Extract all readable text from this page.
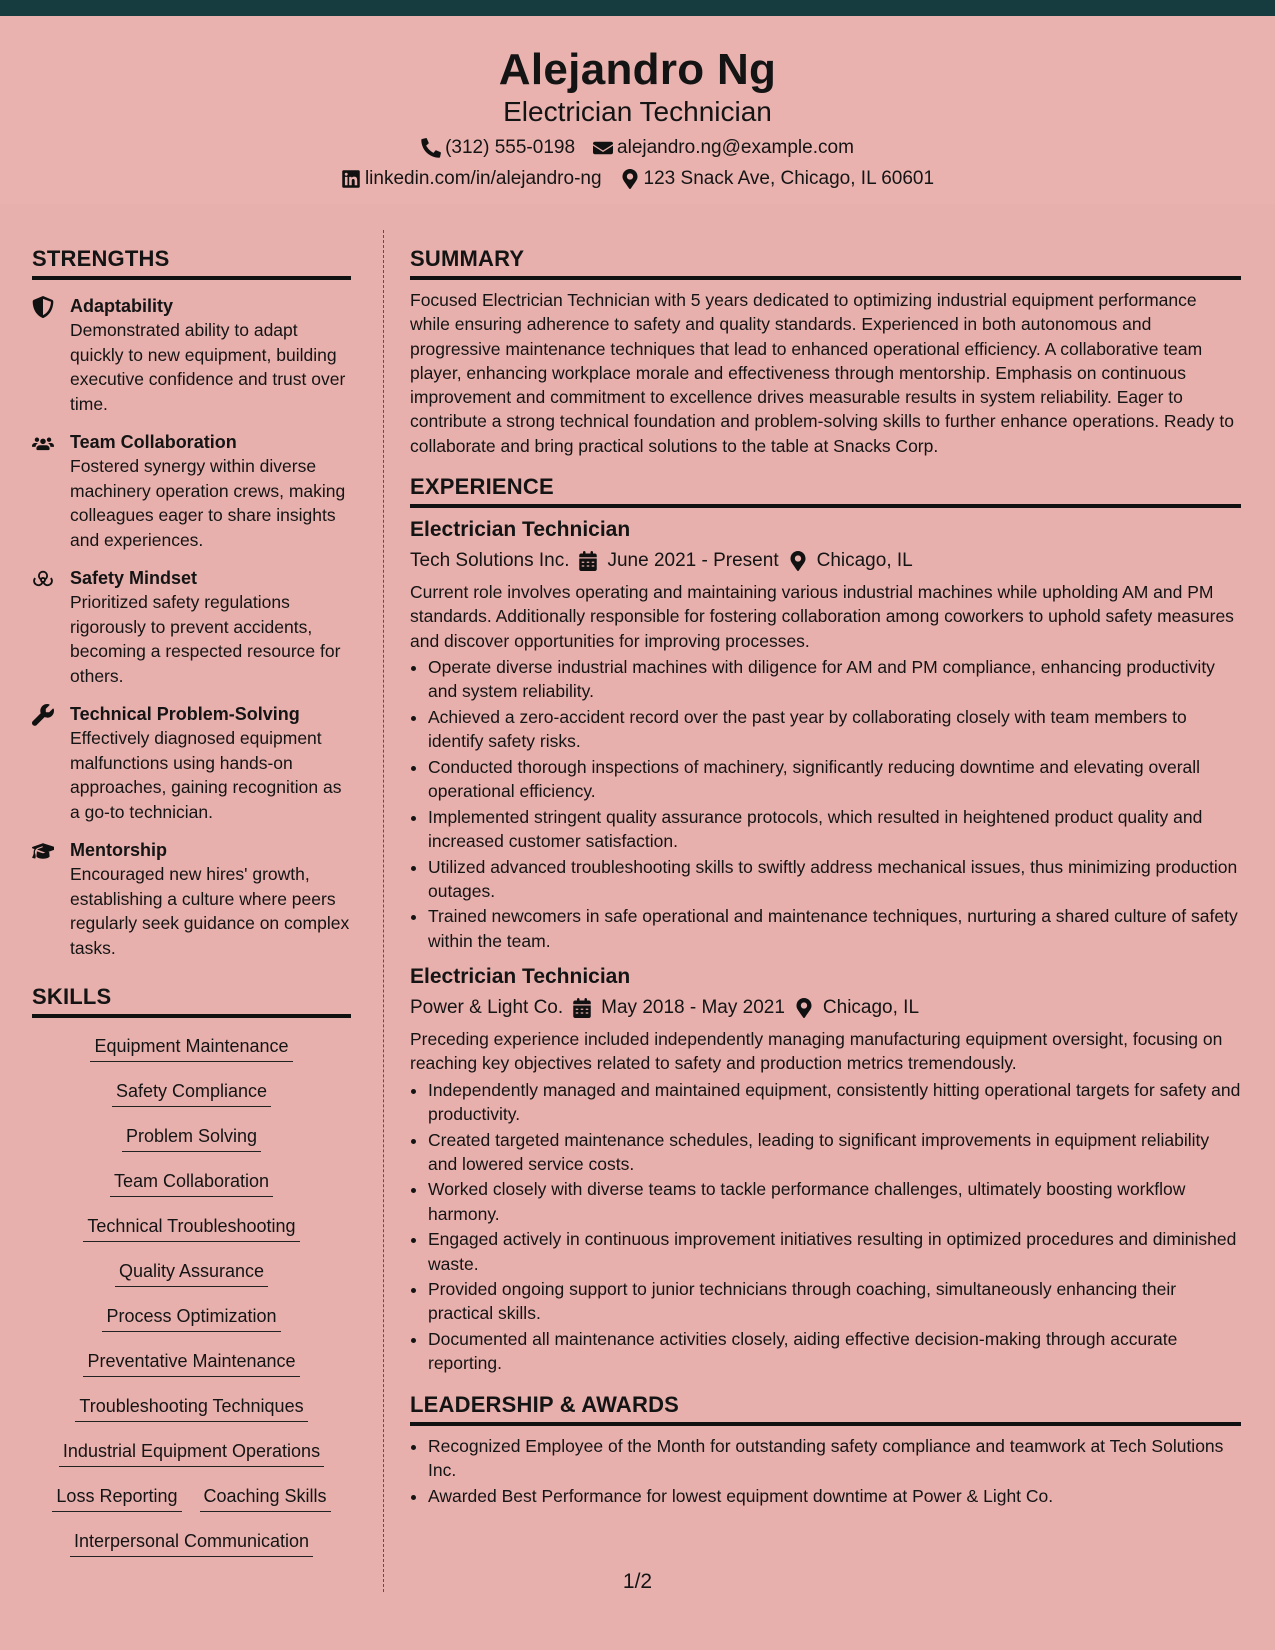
Alejandro Ng
Electrician Technician
(312) 555-0198 alejandro.ng@example.com
linkedin.com/in/alejandro-ng 123 Snack Ave, Chicago, IL 60601
STRENGTHS
Adaptability
Demonstrated ability to adapt quickly to new equipment, building executive confidence and trust over time.
Team Collaboration
Fostered synergy within diverse machinery operation crews, making colleagues eager to share insights and experiences.
Safety Mindset
Prioritized safety regulations rigorously to prevent accidents, becoming a respected resource for others.
Technical Problem-Solving
Effectively diagnosed equipment malfunctions using hands-on approaches, gaining recognition as a go-to technician.
Mentorship
Encouraged new hires' growth, establishing a culture where peers regularly seek guidance on complex tasks.
SKILLS
Equipment Maintenance
Safety Compliance
Problem Solving
Team Collaboration
Technical Troubleshooting
Quality Assurance
Process Optimization
Preventative Maintenance
Troubleshooting Techniques
Industrial Equipment Operations
Loss Reporting Coaching Skills
Interpersonal Communication
SUMMARY
Focused Electrician Technician with 5 years dedicated to optimizing industrial equipment performance while ensuring adherence to safety and quality standards. Experienced in both autonomous and progressive maintenance techniques that lead to enhanced operational efficiency. A collaborative team player, enhancing workplace morale and effectiveness through mentorship. Emphasis on continuous improvement and commitment to excellence drives measurable results in system reliability. Eager to contribute a strong technical foundation and problem-solving skills to further enhance operations. Ready to collaborate and bring practical solutions to the table at Snacks Corp.
EXPERIENCE
Electrician Technician
Tech Solutions Inc. June 2021 - Present Chicago, IL
Current role involves operating and maintaining various industrial machines while upholding AM and PM standards. Additionally responsible for fostering collaboration among coworkers to uphold safety measures and discover opportunities for improving processes.
• Operate diverse industrial machines with diligence for AM and PM compliance, enhancing productivity and system reliability.
• Achieved a zero-accident record over the past year by collaborating closely with team members to identify safety risks.
• Conducted thorough inspections of machinery, significantly reducing downtime and elevating overall operational efficiency.
• Implemented stringent quality assurance protocols, which resulted in heightened product quality and increased customer satisfaction.
• Utilized advanced troubleshooting skills to swiftly address mechanical issues, thus minimizing production outages.
• Trained newcomers in safe operational and maintenance techniques, nurturing a shared culture of safety within the team.
Electrician Technician
Power & Light Co. May 2018 - May 2021 Chicago, IL
Preceding experience included independently managing manufacturing equipment oversight, focusing on reaching key objectives related to safety and production metrics tremendously.
• Independently managed and maintained equipment, consistently hitting operational targets for safety and productivity.
• Created targeted maintenance schedules, leading to significant improvements in equipment reliability and lowered service costs.
• Worked closely with diverse teams to tackle performance challenges, ultimately boosting workflow harmony.
• Engaged actively in continuous improvement initiatives resulting in optimized procedures and diminished waste.
• Provided ongoing support to junior technicians through coaching, simultaneously enhancing their practical skills.
• Documented all maintenance activities closely, aiding effective decision-making through accurate reporting.
LEADERSHIP & AWARDS
• Recognized Employee of the Month for outstanding safety compliance and teamwork at Tech Solutions Inc.
• Awarded Best Performance for lowest equipment downtime at Power & Light Co.
1/2
